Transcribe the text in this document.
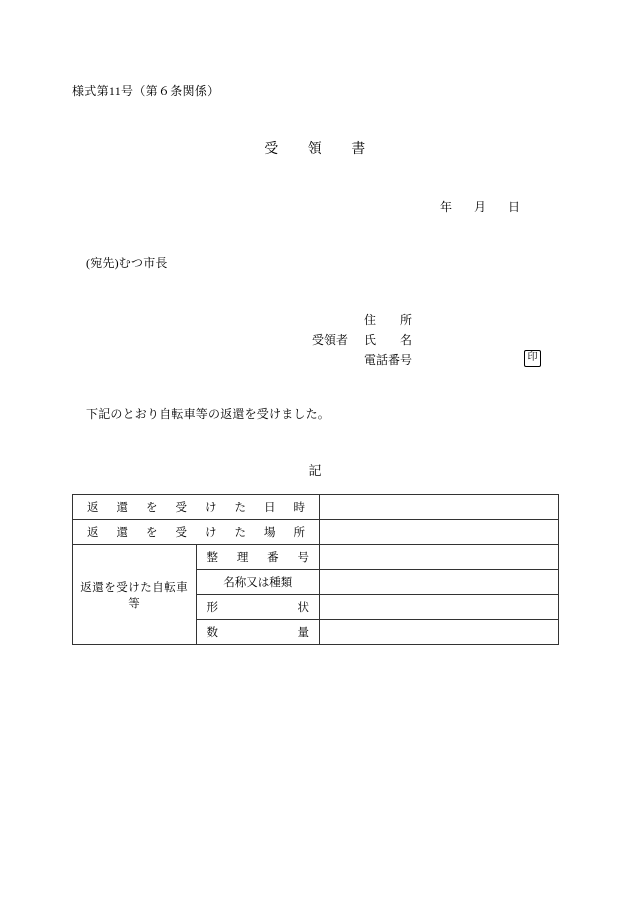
様式第11号（第６条関係）
受　　領　　書
年 月 日
(宛先)むつ市長
住　　所
受領者 氏　　名
印
電話番号
下記のとおり自転車等の返還を受けました。
記
返還を受けた日時		

返還を受けた場所		

返還を受けた自転車等	整理番号	

	名称又は種類	

	形　　状	

	数　　量	
